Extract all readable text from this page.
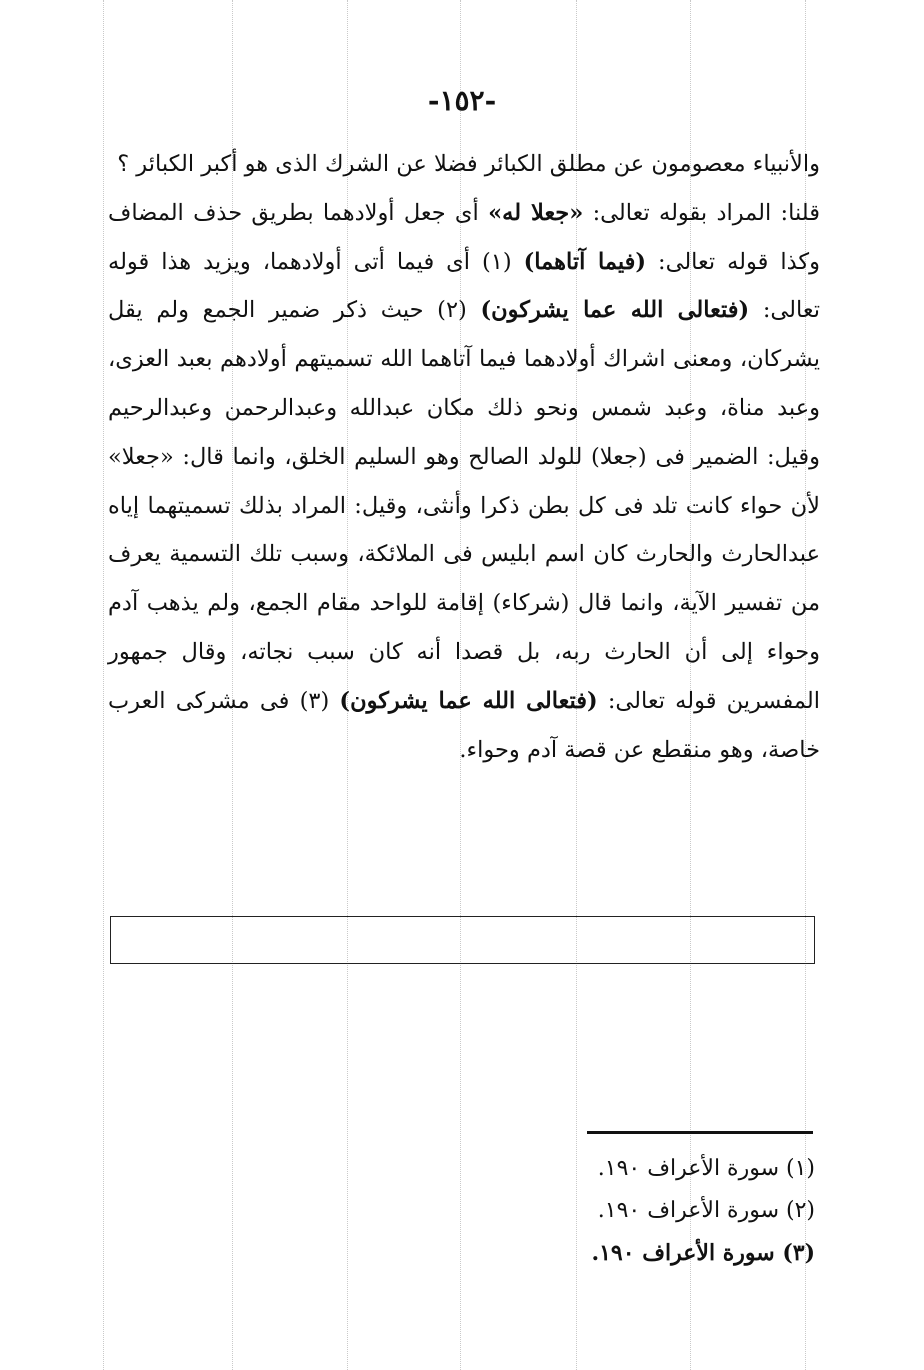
-١٥٢-

والأنبياء معصومون عن مطلق الكبائر فضلا عن الشرك الذى هو أكبر الكبائر ؟

قلنا: المراد بقوله تعالى: «جعلا له» أى جعل أولادهما بطريق حذف المضاف وكذا قوله تعالى: (فيما آتاهما) (١) أى فيما أتى أولادهما، ويزيد هذا قوله تعالى: (فتعالى الله عما يشركون) (٢) حيث ذكر ضمير الجمع ولم يقل يشركان، ومعنى اشراك أولادهما فيما آتاهما الله تسميتهم أولادهم بعبد العزى، وعبد مناة، وعبد شمس ونحو ذلك مكان عبدالله وعبدالرحمن وعبدالرحيم وقيل: الضمير فى (جعلا) للولد الصالح وهو السليم الخلق، وانما قال: «جعلا» لأن حواء كانت تلد فى كل بطن ذكرا وأنثى، وقيل: المراد بذلك تسميتهما إياه عبدالحارث والحارث كان اسم ابليس فى الملائكة، وسبب تلك التسمية يعرف من تفسير الآية، وانما قال (شركاء) إقامة للواحد مقام الجمع، ولم يذهب آدم وحواء إلى أن الحارث ربه، بل قصدا أنه كان سبب نجاته، وقال جمهور المفسرين قوله تعالى: (فتعالى الله عما يشركون) (٣) فى مشركى العرب خاصة، وهو منقطع عن قصة آدم وحواء.

(١) سورة الأعراف ١٩٠.
(٢) سورة الأعراف ١٩٠.
(٣) سورة الأعراف ١٩٠.
